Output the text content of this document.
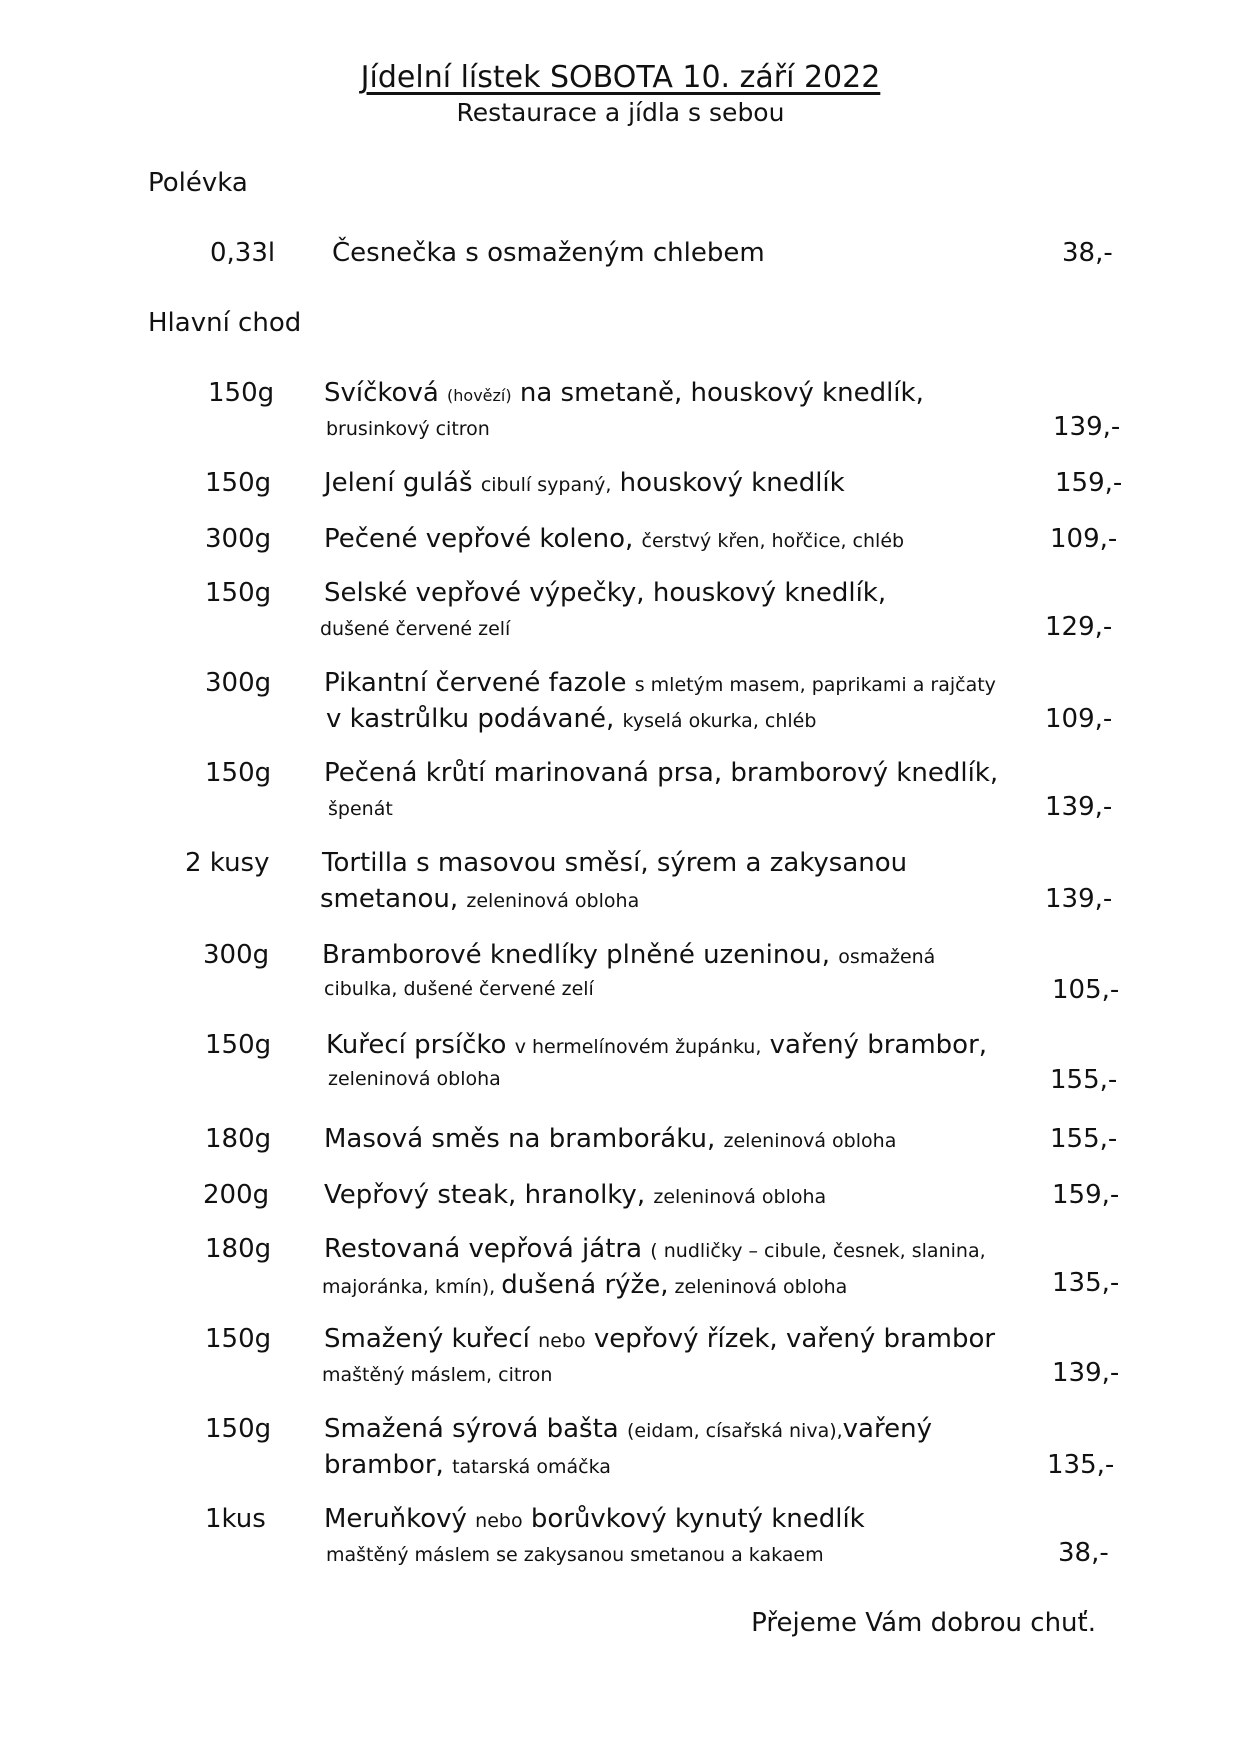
Jídelní lístek SOBOTA 10. září 2022
Restaurace a jídla s sebou
Polévka
0,33l Česnečka s osmaženým chlebem	38,-
Hlavní chod
150g Svíčková (hovězí) na smetaně, houskový knedlík,
brusinkový citron	139,-
150g Jelení guláš cibulí sypaný, houskový knedlík	159,-
300g Pečené vepřové koleno, čerstvý křen, hořčice, chléb	109,-
150g Selské vepřové výpečky, houskový knedlík,
dušené červené zelí	129,-
300g Pikantní červené fazole s mletým masem, paprikami a rajčaty
v kastrůlku podávané, kyselá okurka, chléb	109,-
150g Pečená krůtí marinovaná prsa, bramborový knedlík,
špenát	139,-
2 kusy Tortilla s masovou směsí, sýrem a zakysanou
smetanou, zeleninová obloha	139,-
300g Bramborové knedlíky plněné uzeninou, osmažená
cibulka, dušené červené zelí	105,-
150g Kuřecí prsíčko v hermelínovém župánku, vařený brambor,
zeleninová obloha	155,-
180g Masová směs na bramboráku, zeleninová obloha	155,-
200g Vepřový steak, hranolky, zeleninová obloha	159,-
180g Restovaná vepřová játra ( nudličky – cibule, česnek, slanina,
majoránka, kmín), dušená rýže, zeleninová obloha	135,-
150g Smažený kuřecí nebo vepřový řízek, vařený brambor
maštěný máslem, citron	139,-
150g Smažená sýrová bašta (eidam, císařská niva),vařený
brambor, tatarská omáčka	135,-
1kus Meruňkový nebo borůvkový kynutý knedlík
maštěný máslem se zakysanou smetanou a kakaem	38,-
Přejeme Vám dobrou chuť.
